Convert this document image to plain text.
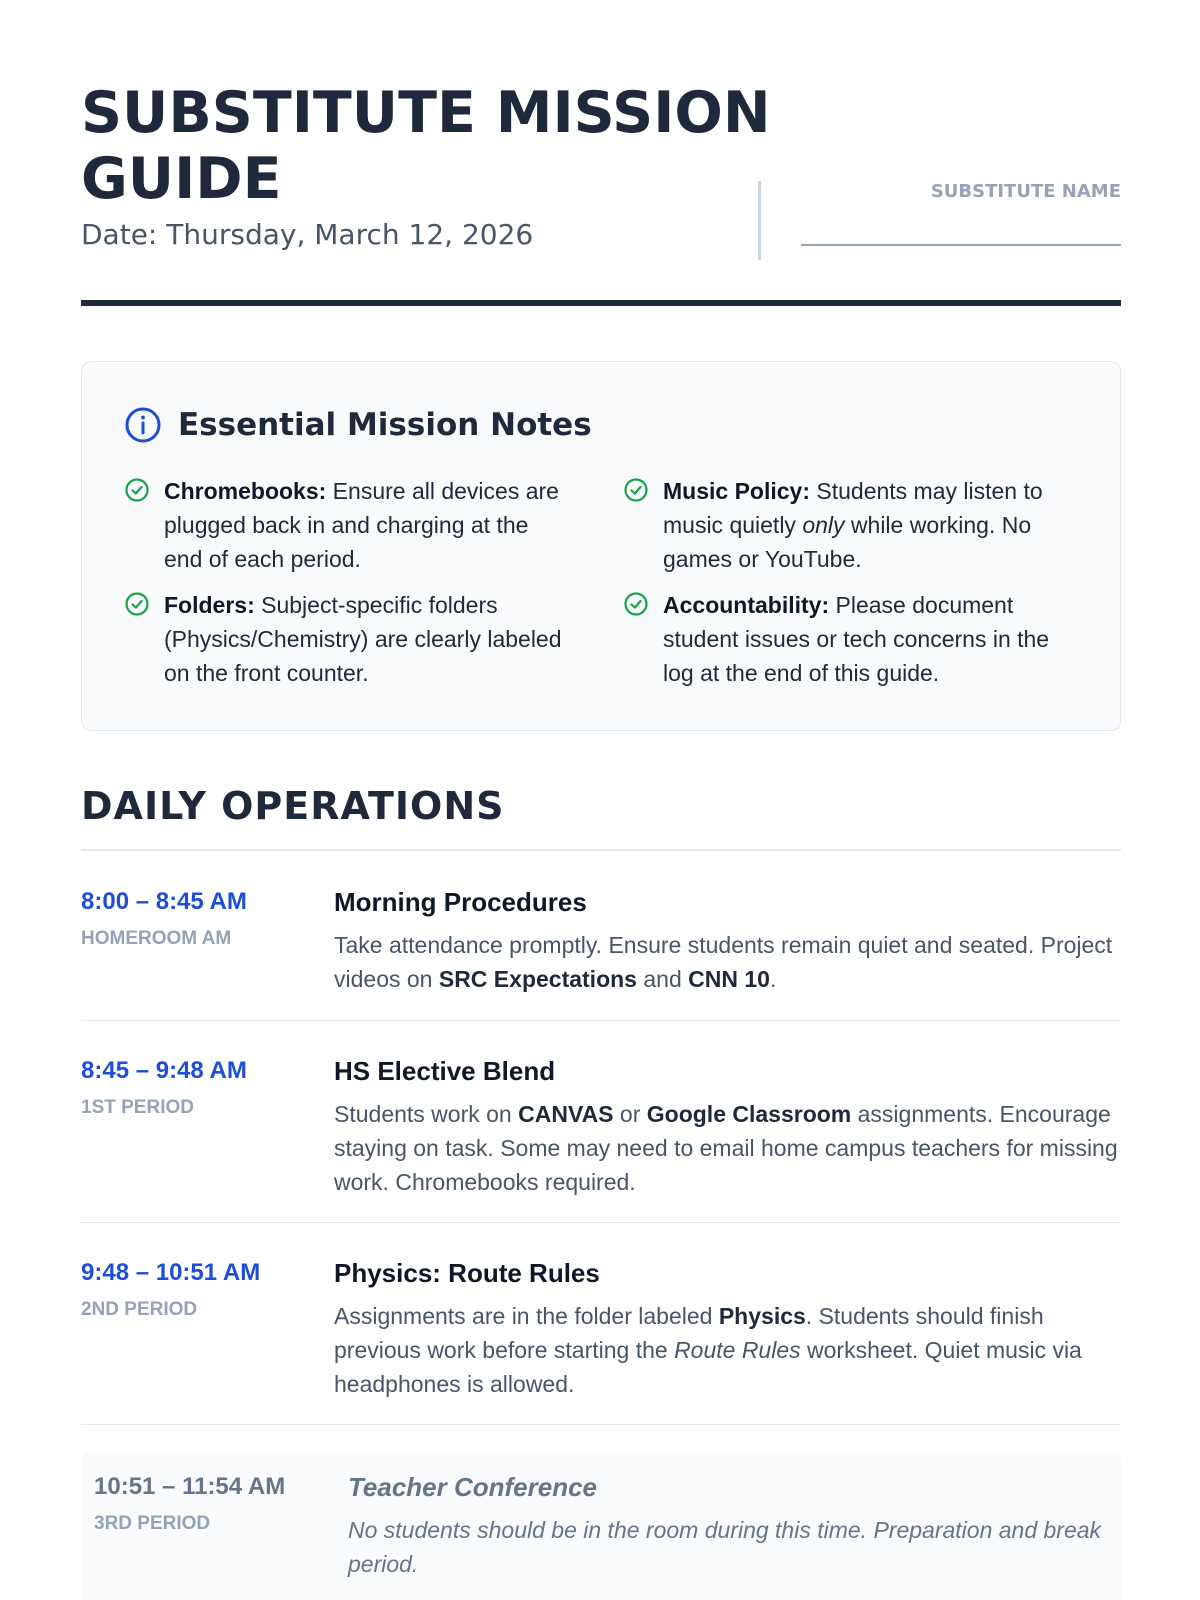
SUBSTITUTE MISSION GUIDE
Date: Thursday, March 12, 2026
SUBSTITUTE NAME
Essential Mission Notes

Chromebooks: Ensure all devices are plugged back in and charging at the end of each period.

Folders: Subject-specific folders (Physics/Chemistry) are clearly labeled on the front counter.

Music Policy: Students may listen to music quietly only while working. No games or YouTube.

Accountability: Please document student issues or tech concerns in the log at the end of this guide.

DAILY OPERATIONS
8:00 – 8:45 AM
HOMEROOM AM
Morning Procedures

Take attendance promptly. Ensure students remain quiet and seated. Project videos on SRC Expectations and CNN 10.

8:45 – 9:48 AM
1ST PERIOD
HS Elective Blend

Students work on CANVAS or Google Classroom assignments. Encourage staying on task. Some may need to email home campus teachers for missing work. Chromebooks required.

9:48 – 10:51 AM
2ND PERIOD
Physics: Route Rules

Assignments are in the folder labeled Physics. Students should finish previous work before starting the Route Rules worksheet. Quiet music via headphones is allowed.

10:51 – 11:54 AM
3RD PERIOD
Teacher Conference

No students should be in the room during this time. Preparation and break period.
